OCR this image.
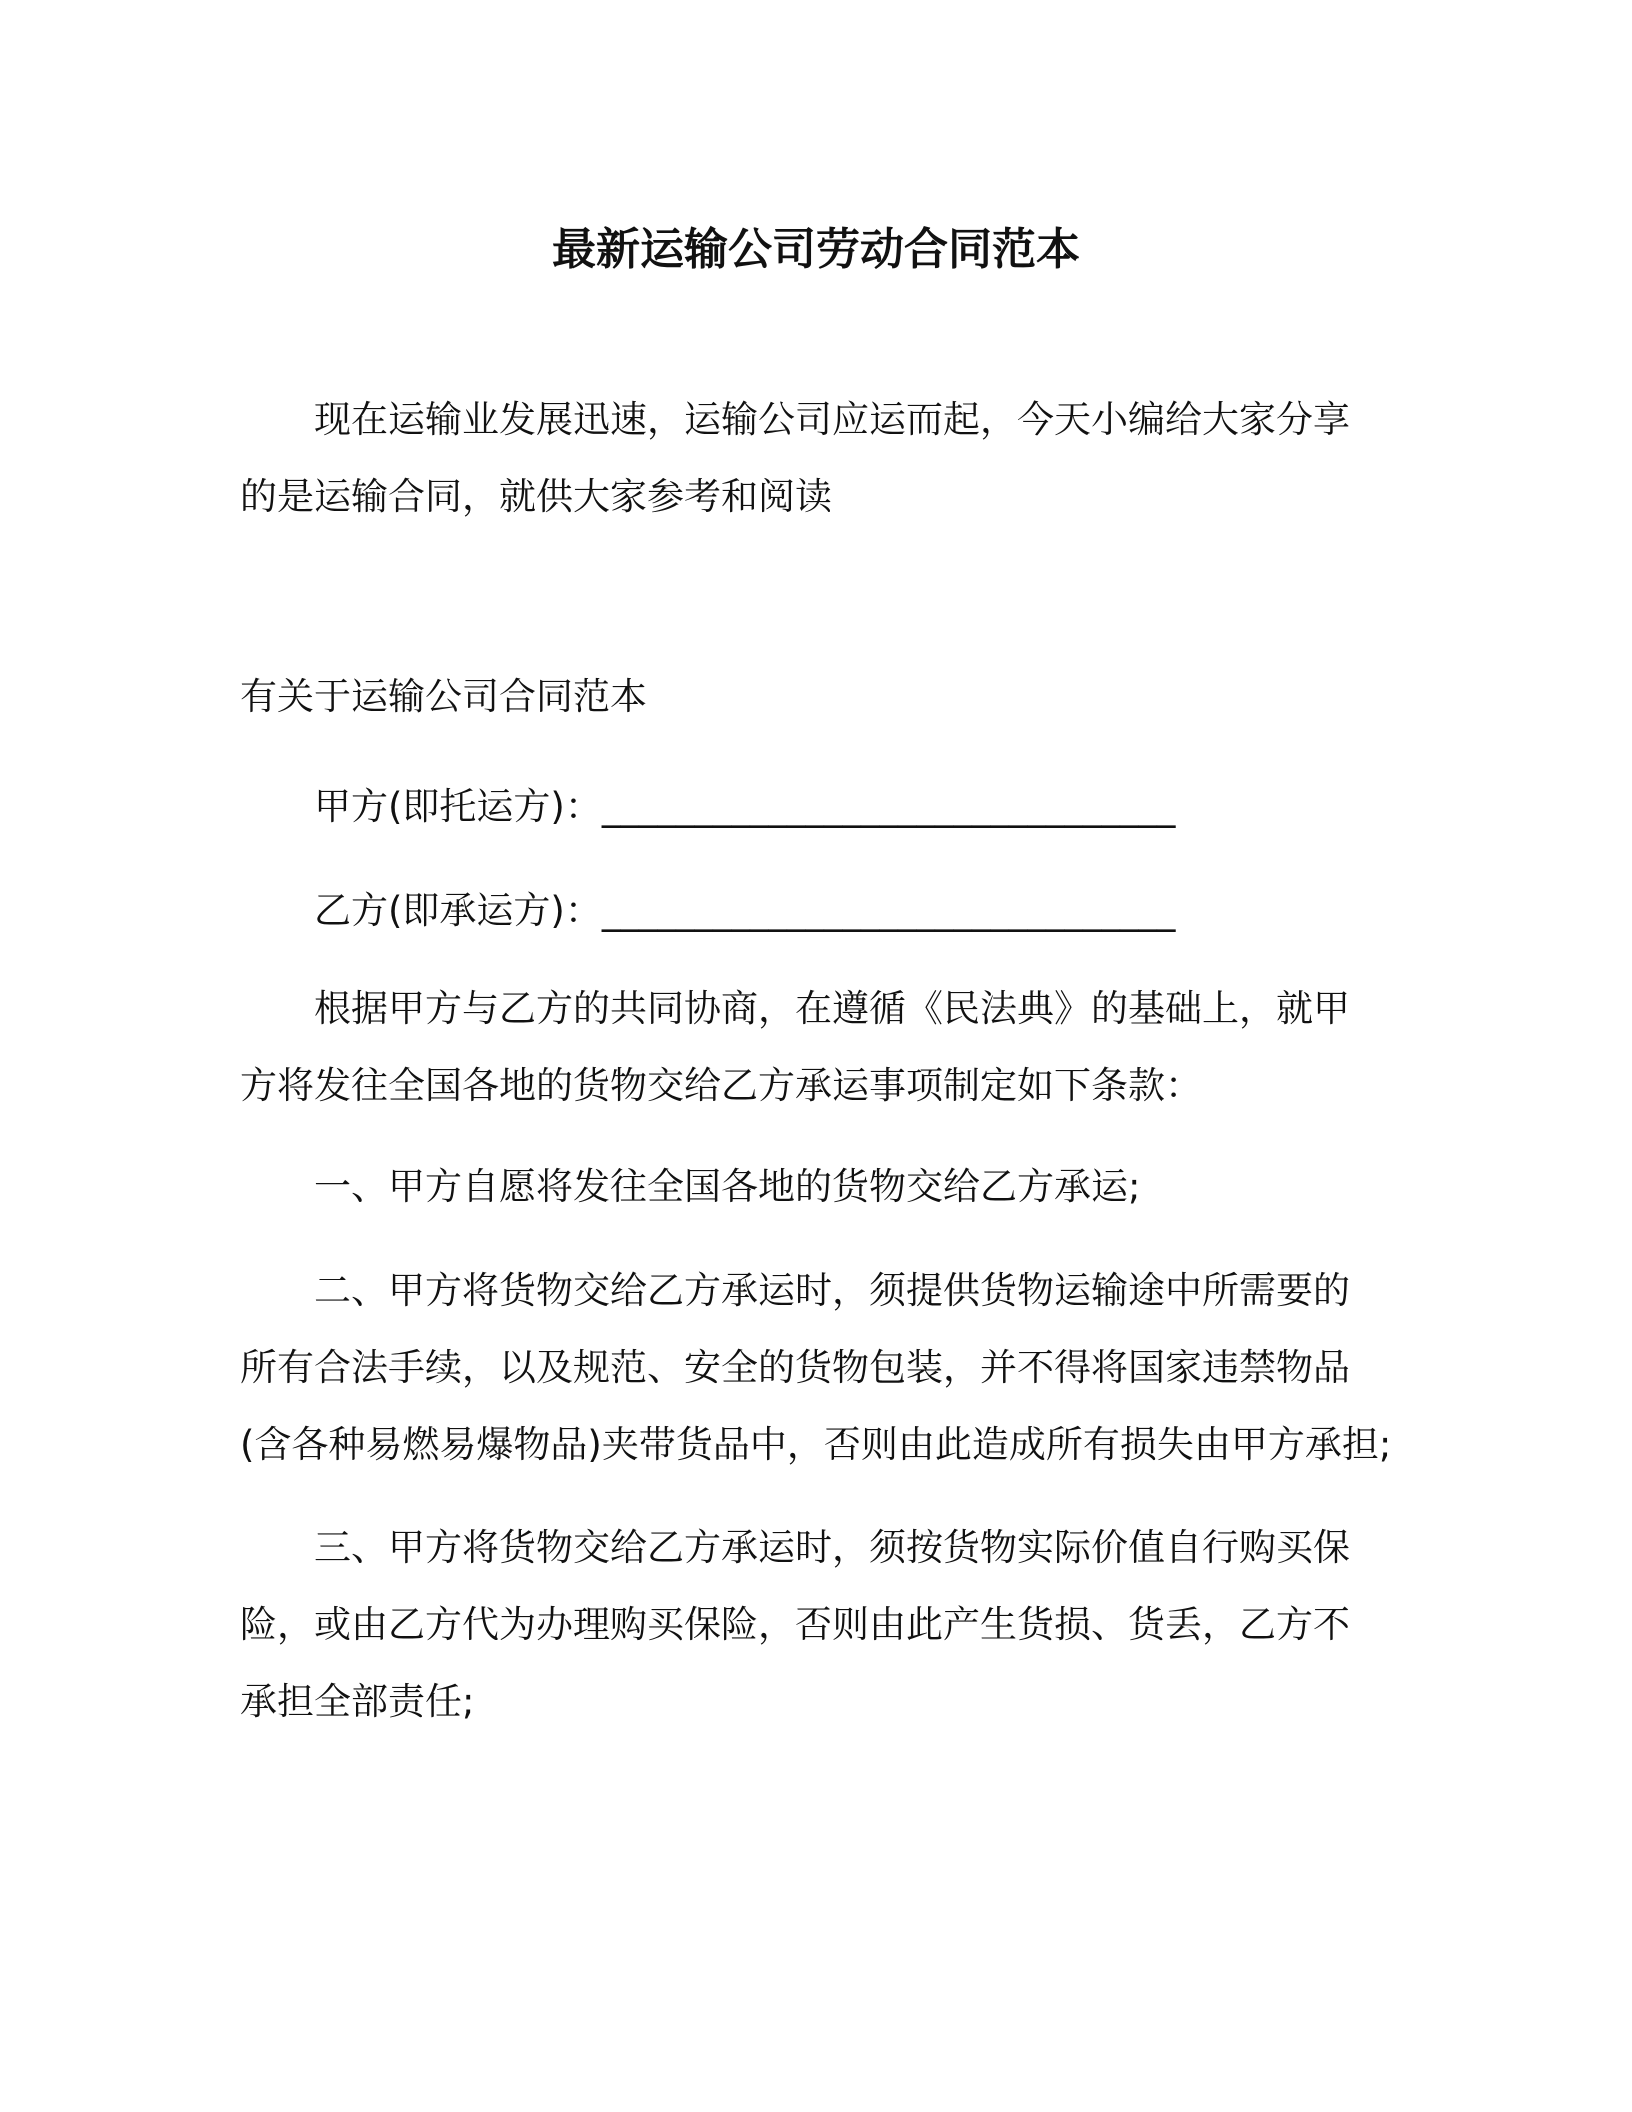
最新运输公司劳动合同范本
现在运输业发展迅速，运输公司应运而起，今天小编给大家分享
的是运输合同，就供大家参考和阅读
有关于运输公司合同范本
甲方(即托运方)：_______________________________
乙方(即承运方)：_______________________________
根据甲方与乙方的共同协商，在遵循《民法典》的基础上，就甲
方将发往全国各地的货物交给乙方承运事项制定如下条款：
一、甲方自愿将发往全国各地的货物交给乙方承运;
二、甲方将货物交给乙方承运时，须提供货物运输途中所需要的
所有合法手续，以及规范、安全的货物包装，并不得将国家违禁物品
(含各种易燃易爆物品)夹带货品中，否则由此造成所有损失由甲方承担;
三、甲方将货物交给乙方承运时，须按货物实际价值自行购买保
险，或由乙方代为办理购买保险，否则由此产生货损、货丢，乙方不
承担全部责任;
